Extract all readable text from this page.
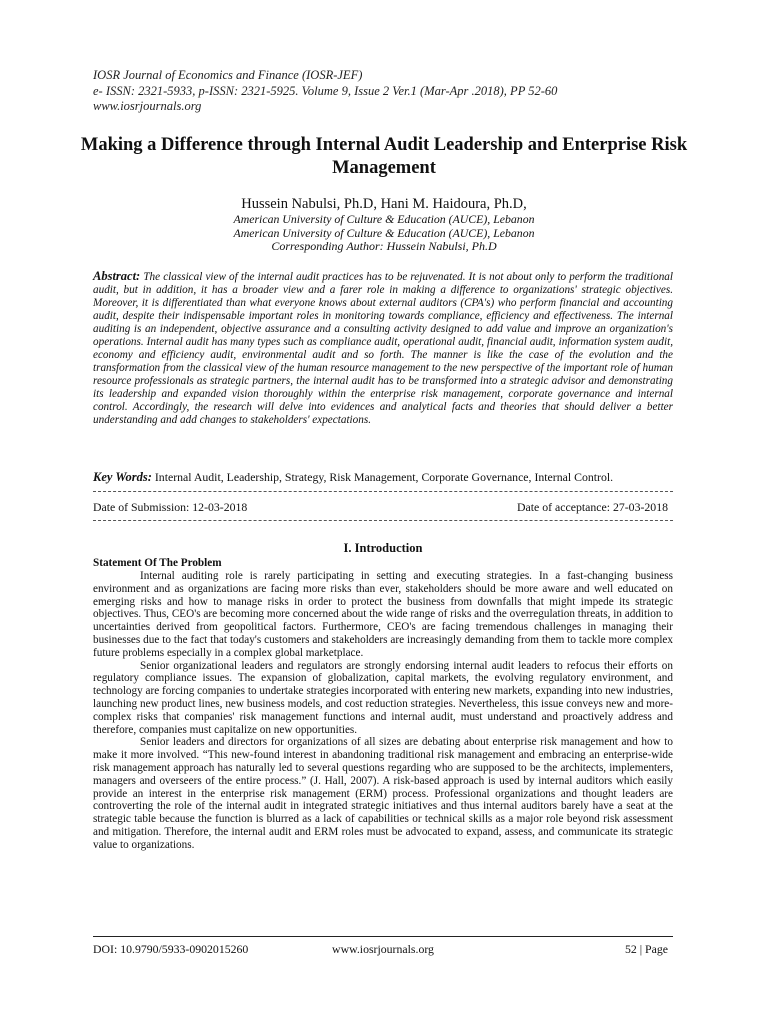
IOSR Journal of Economics and Finance (IOSR-JEF)
e- ISSN: 2321-5933, p-ISSN: 2321-5925. Volume 9, Issue 2 Ver.1 (Mar-Apr .2018), PP 52-60
www.iosrjournals.org
Making a Difference through Internal Audit Leadership and Enterprise Risk Management
Hussein Nabulsi, Ph.D, Hani M. Haidoura, Ph.D,
American University of Culture & Education (AUCE), Lebanon
American University of Culture & Education (AUCE), Lebanon
Corresponding Author: Hussein Nabulsi, Ph.D
Abstract: The classical view of the internal audit practices has to be rejuvenated. It is not about only to perform the traditional audit, but in addition, it has a broader view and a farer role in making a difference to organizations' strategic objectives. Moreover, it is differentiated than what everyone knows about external auditors (CPA's) who perform financial and accounting audit, despite their indispensable important roles in monitoring towards compliance, efficiency and effectiveness. The internal auditing is an independent, objective assurance and a consulting activity designed to add value and improve an organization's operations. Internal audit has many types such as compliance audit, operational audit, financial audit, information system audit, economy and efficiency audit, environmental audit and so forth. The manner is like the case of the evolution and the transformation from the classical view of the human resource management to the new perspective of the important role of human resource professionals as strategic partners, the internal audit has to be transformed into a strategic advisor and demonstrating its leadership and expanded vision thoroughly within the enterprise risk management, corporate governance and internal control. Accordingly, the research will delve into evidences and analytical facts and theories that should deliver a better understanding and add changes to stakeholders' expectations.
Key Words: Internal Audit, Leadership, Strategy, Risk Management, Corporate Governance, Internal Control.
Date of Submission: 12-03-2018	Date of acceptance: 27-03-2018
I. Introduction
Statement Of The Problem

Internal auditing role is rarely participating in setting and executing strategies. In a fast-changing business environment and as organizations are facing more risks than ever, stakeholders should be more aware and well educated on emerging risks and how to manage risks in order to protect the business from downfalls that might impede its strategic objectives. Thus, CEO's are becoming more concerned about the wide range of risks and the overregulation threats, in addition to uncertainties derived from geopolitical factors. Furthermore, CEO's are facing tremendous challenges in managing their businesses due to the fact that today's customers and stakeholders are increasingly demanding from them to tackle more complex future problems especially in a complex global marketplace.

Senior organizational leaders and regulators are strongly endorsing internal audit leaders to refocus their efforts on regulatory compliance issues. The expansion of globalization, capital markets, the evolving regulatory environment, and technology are forcing companies to undertake strategies incorporated with entering new markets, expanding into new industries, launching new product lines, new business models, and cost reduction strategies. Nevertheless, this issue conveys new and more-complex risks that companies' risk management functions and internal audit, must understand and proactively address and therefore, companies must capitalize on new opportunities.

Senior leaders and directors for organizations of all sizes are debating about enterprise risk management and how to make it more involved. “This new-found interest in abandoning traditional risk management and embracing an enterprise-wide risk management approach has naturally led to several questions regarding who are supposed to be the architects, implementers, managers and overseers of the entire process.” (J. Hall, 2007). A risk-based approach is used by internal auditors which easily provide an interest in the enterprise risk management (ERM) process. Professional organizations and thought leaders are controverting the role of the internal audit in integrated strategic initiatives and thus internal auditors barely have a seat at the strategic table because the function is blurred as a lack of capabilities or technical skills as a major role beyond risk assessment and mitigation. Therefore, the internal audit and ERM roles must be advocated to expand, assess, and communicate its strategic value to organizations.

DOI: 10.9790/5933-0902015260	www.iosrjournals.org	52 | Page
